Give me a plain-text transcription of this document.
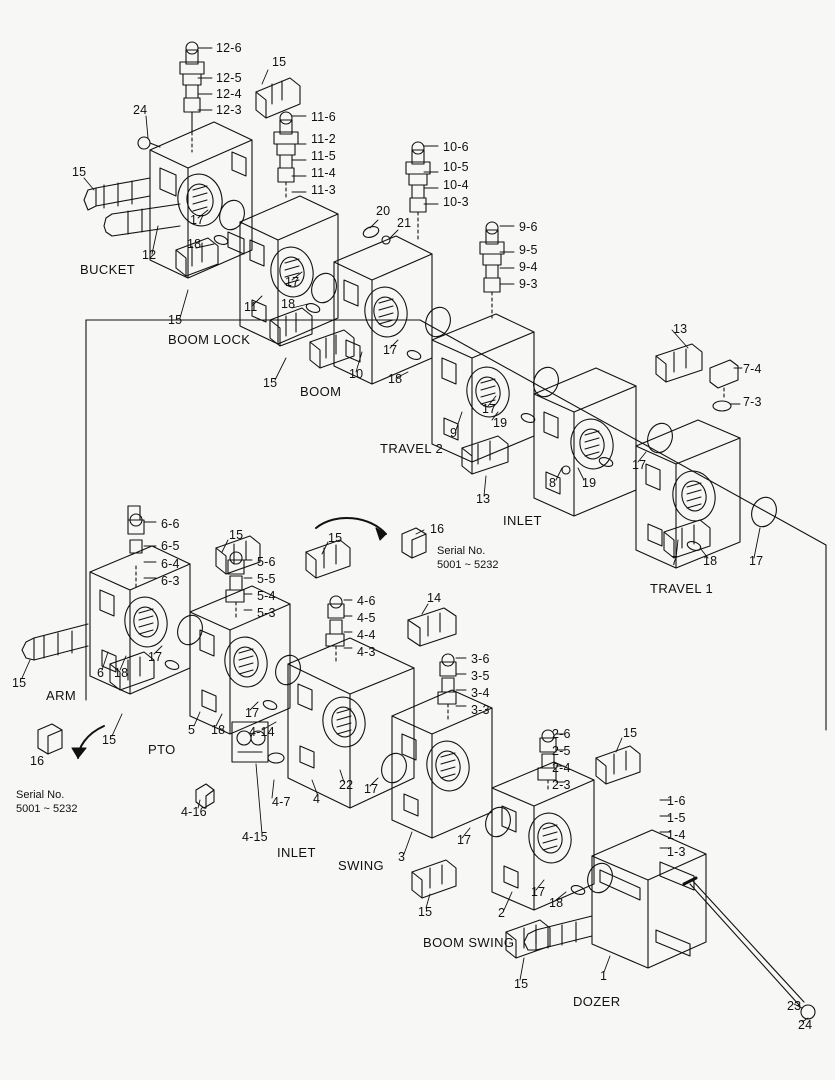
BUCKET
BOOM LOCK
BOOM
TRAVEL 2
INLET
TRAVEL 1
ARM
PTO
INLET
SWING
BOOM SWING
DOZER
12-6
12-5
12-4
12-3
15
24
15
12
17
18
11-6
11-2
11-5
11-4
11-3
11
15
10-6
10-5
10-4
10-3
20
21
17
18
15
10
9-6
9-5
9-4
9-3
17
18
9
19
13
13
8 19
17
17
7-4
7-3
7 18	17
6-6
6-5
6-4
6-3
15
15
6 18
17
15
5-6
5-5
5-4
5-3
15
5 18
17
16
4-6
4-5
4-4
4-3
14
4-14
4-16
4-7
4-15
4
22 17
16
3-6
3-5
3-4
3-3
3
17
15
2-6
2-5
2-4
2-3
15
2
17
18
1-6
1-5
1-4
1-3
1
15
23
24
Serial No.
5001 ~ 5232
Serial No.
5001 ~ 5232
